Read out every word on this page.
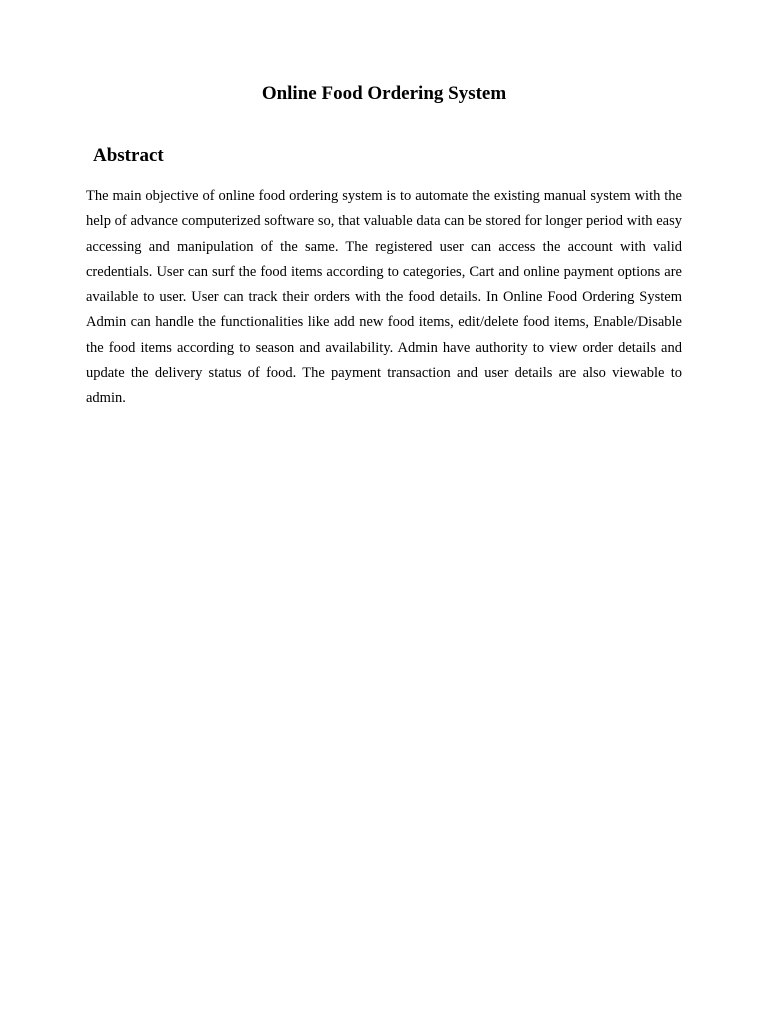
Online Food Ordering System
Abstract

The main objective of online food ordering system is to automate the existing manual system with the help of advance computerized software so, that valuable data can be stored for longer period with easy accessing and manipulation of the same. The registered user can access the account with valid credentials. User can surf the food items according to categories, Cart and online payment options are available to user. User can track their orders with the food details. In Online Food Ordering System Admin can handle the functionalities like add new food items, edit/delete food items, Enable/Disable the food items according to season and availability. Admin have authority to view order details and update the delivery status of food. The payment transaction and user details are also viewable to admin.
